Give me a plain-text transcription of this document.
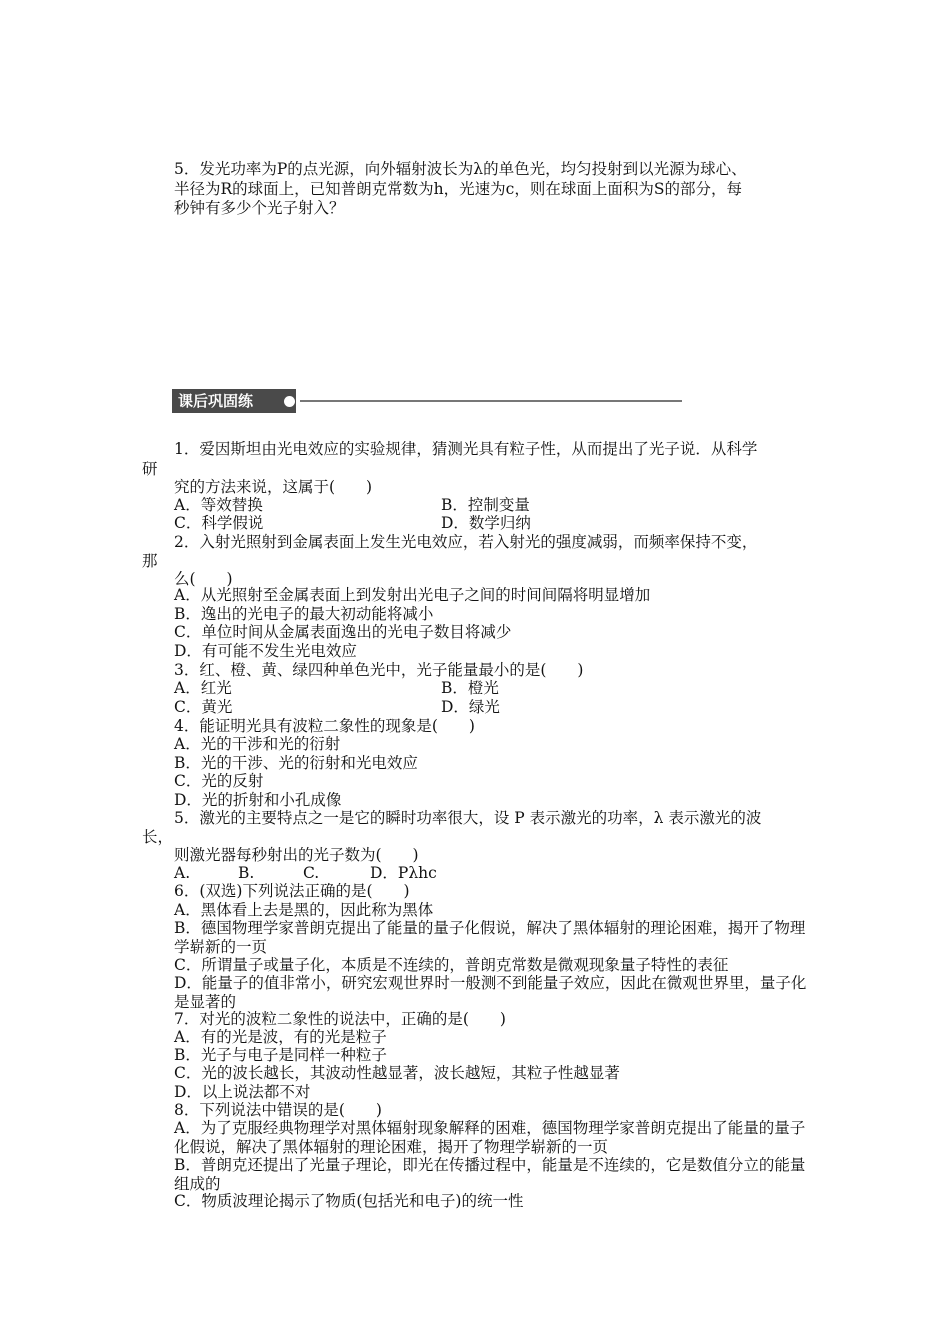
5．发光功率为P的点光源，向外辐射波长为λ的单色光，均匀投射到以光源为球心、
半径为R的球面上，已知普朗克常数为h，光速为c，则在球面上面积为S的部分，每
秒钟有多少个光子射入？
课后巩固练
1．爱因斯坦由光电效应的实验规律，猜测光具有粒子性，从而提出了光子说．从科学
研
究的方法来说，这属于(　　)
A．等效替换	B．控制变量
C．科学假说	D．数学归纳
2．入射光照射到金属表面上发生光电效应，若入射光的强度减弱，而频率保持不变，
那
么(　　)
A．从光照射至金属表面上到发射出光电子之间的时间间隔将明显增加
B．逸出的光电子的最大初动能将减小
C．单位时间从金属表面逸出的光电子数目将减少
D．有可能不发生光电效应
3．红、橙、黄、绿四种单色光中，光子能量最小的是(　　)
A．红光	B．橙光
C．黄光	D．绿光
4．能证明光具有波粒二象性的现象是(　　)
A．光的干涉和光的衍射
B．光的干涉、光的衍射和光电效应
C．光的反射
D．光的折射和小孔成像
5．激光的主要特点之一是它的瞬时功率很大，设 P 表示激光的功率，λ 表示激光的波
长，
则激光器每秒射出的光子数为(　　)
A.	B.	C.	D．Pλhc
6．(双选)下列说法正确的是(　　)
A．黑体看上去是黑的，因此称为黑体
B．德国物理学家普朗克提出了能量的量子化假说，解决了黑体辐射的理论困难，揭开了物理学崭新的一页
C．所谓量子或量子化，本质是不连续的，普朗克常数是微观现象量子特性的表征
D．能量子的值非常小，研究宏观世界时一般测不到能量子效应，因此在微观世界里，量子化是显著的
7．对光的波粒二象性的说法中，正确的是(　　)
A．有的光是波，有的光是粒子
B．光子与电子是同样一种粒子
C．光的波长越长，其波动性越显著，波长越短，其粒子性越显著
D．以上说法都不对
8．下列说法中错误的是(　　)
A．为了克服经典物理学对黑体辐射现象解释的困难，德国物理学家普朗克提出了能量的量子化假说，解决了黑体辐射的理论困难，揭开了物理学崭新的一页
B．普朗克还提出了光量子理论，即光在传播过程中，能量是不连续的，它是数值分立的能量组成的
C．物质波理论揭示了物质(包括光和电子)的统一性
